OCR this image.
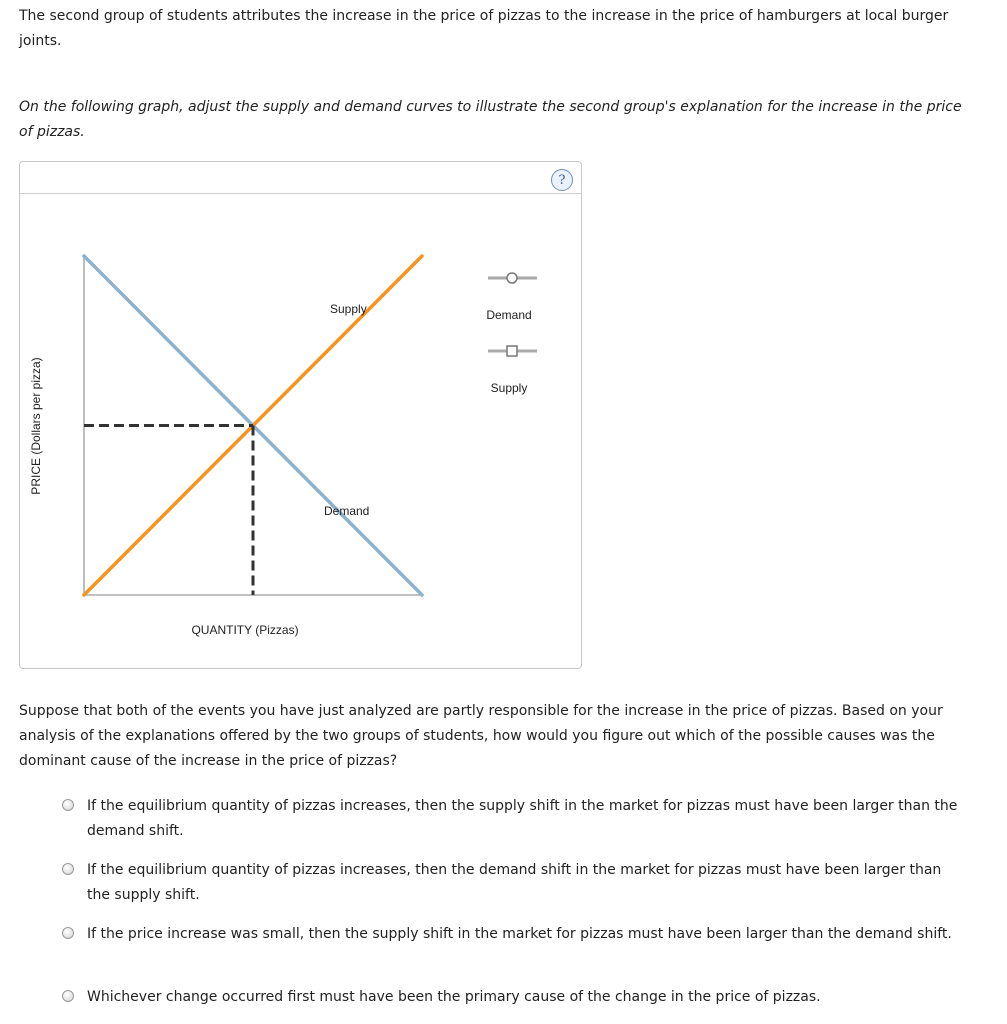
The second group of students attributes the increase in the price of pizzas to the increase in the price of hamburgers at local burger joints.

On the following graph, adjust the supply and demand curves to illustrate the second group's explanation for the increase in the price of pizzas.

?
PRICE (Dollars per pizza)
Supply
Demand
QUANTITY (Pizzas)
Demand
Supply

Suppose that both of the events you have just analyzed are partly responsible for the increase in the price of pizzas. Based on your analysis of the explanations offered by the two groups of students, how would you figure out which of the possible causes was the dominant cause of the increase in the price of pizzas?

If the equilibrium quantity of pizzas increases, then the supply shift in the market for pizzas must have been larger than the demand shift.
If the equilibrium quantity of pizzas increases, then the demand shift in the market for pizzas must have been larger than the supply shift.
If the price increase was small, then the supply shift in the market for pizzas must have been larger than the demand shift.
Whichever change occurred first must have been the primary cause of the change in the price of pizzas.
